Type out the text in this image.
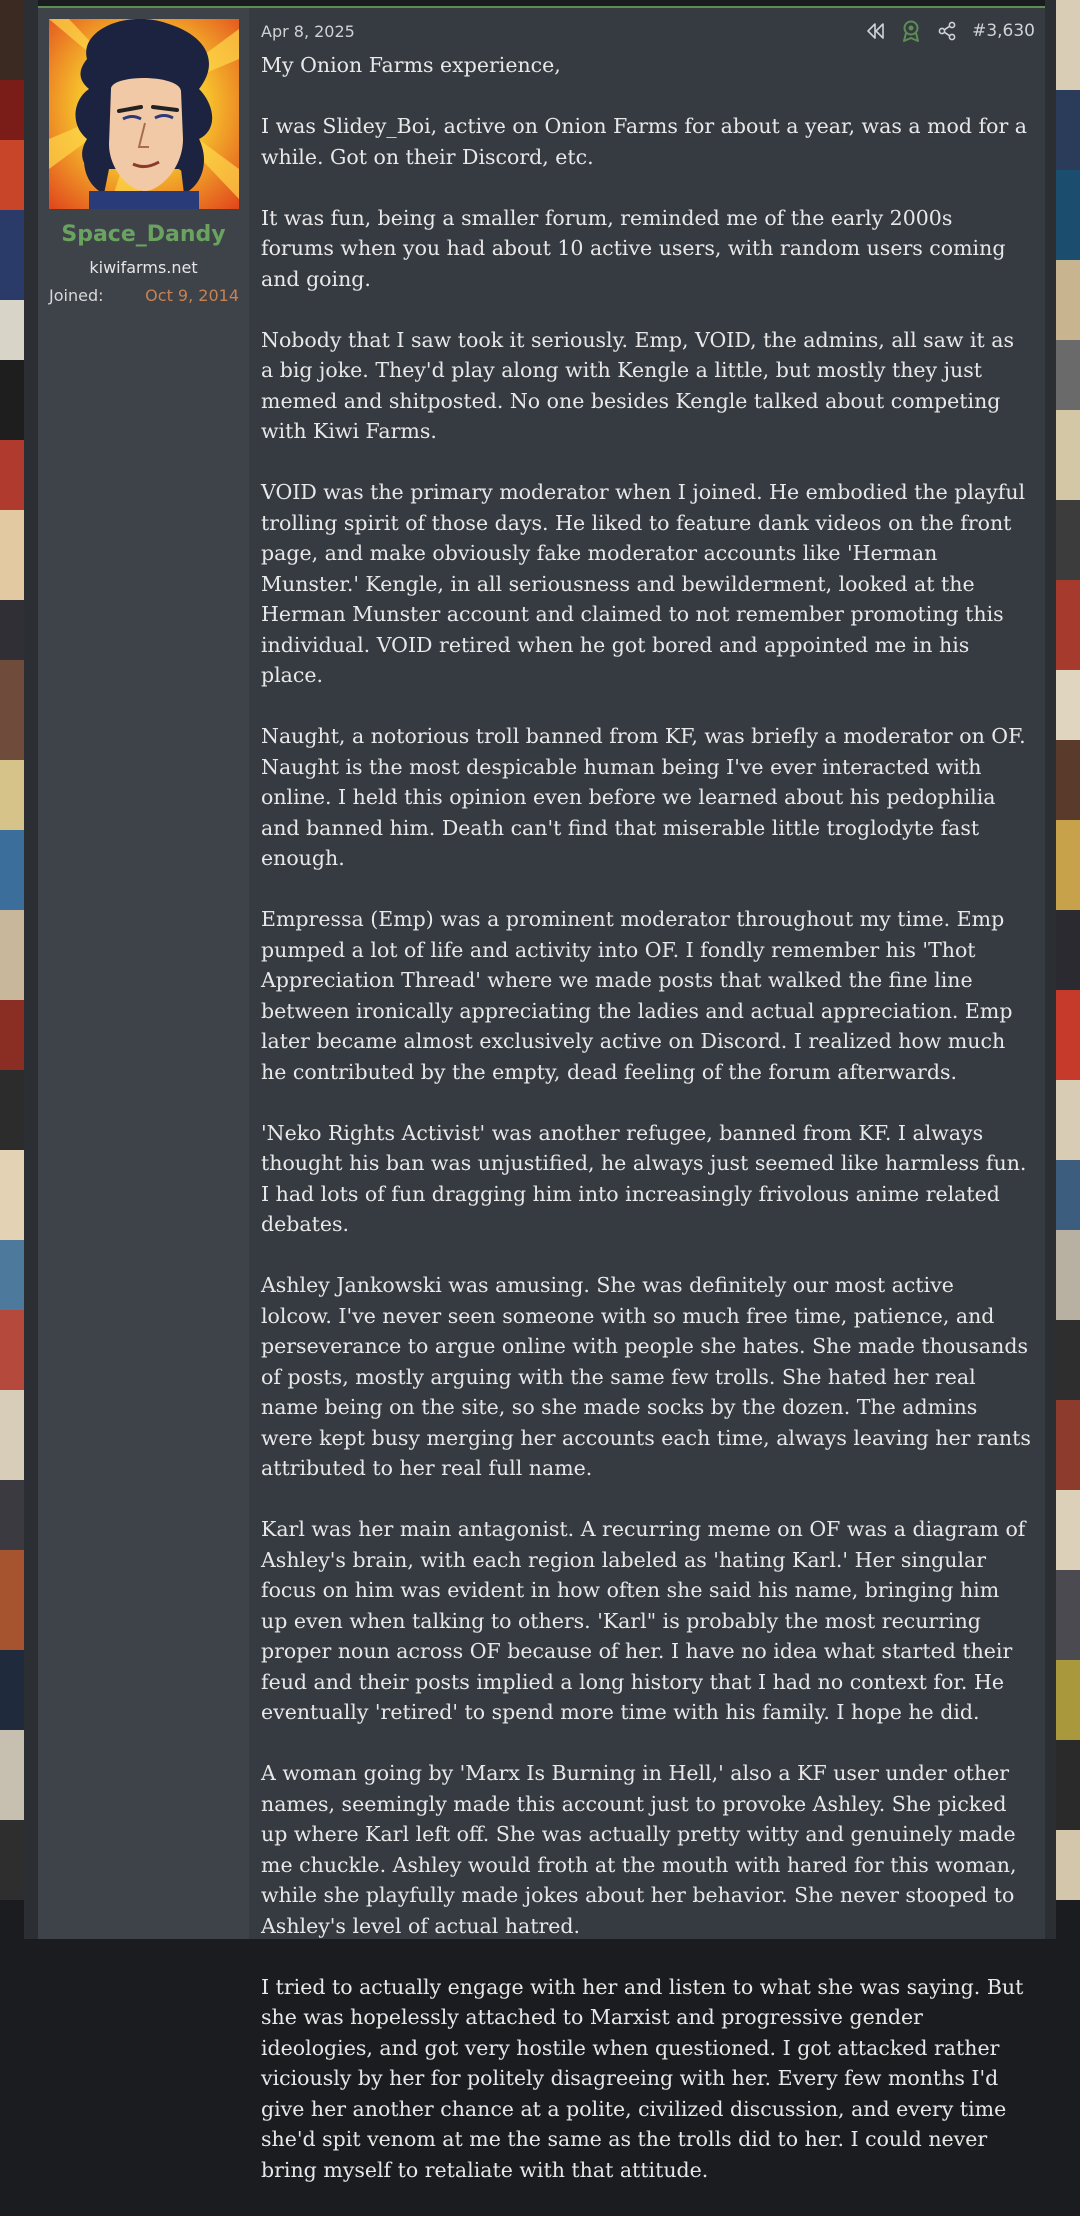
Space_Dandy
kiwifarms.net
Joined:	Oct 9, 2014
Apr 8, 2025	#3,630

My Onion Farms experience,

I was Slidey_Boi, active on Onion Farms for about a year, was a mod for a while. Got on their Discord, etc.

It was fun, being a smaller forum, reminded me of the early 2000s forums when you had about 10 active users, with random users coming and going.

Nobody that I saw took it seriously. Emp, VOID, the admins, all saw it as a big joke. They'd play along with Kengle a little, but mostly they just memed and shitposted. No one besides Kengle talked about competing with Kiwi Farms.

VOID was the primary moderator when I joined. He embodied the playful trolling spirit of those days. He liked to feature dank videos on the front page, and make obviously fake moderator accounts like 'Herman Munster.' Kengle, in all seriousness and bewilderment, looked at the Herman Munster account and claimed to not remember promoting this individual. VOID retired when he got bored and appointed me in his place.

Naught, a notorious troll banned from KF, was briefly a moderator on OF. Naught is the most despicable human being I've ever interacted with online. I held this opinion even before we learned about his pedophilia and banned him. Death can't find that miserable little troglodyte fast enough.

Empressa (Emp) was a prominent moderator throughout my time. Emp pumped a lot of life and activity into OF. I fondly remember his 'Thot Appreciation Thread' where we made posts that walked the fine line between ironically appreciating the ladies and actual appreciation. Emp later became almost exclusively active on Discord. I realized how much he contributed by the empty, dead feeling of the forum afterwards.

'Neko Rights Activist' was another refugee, banned from KF. I always thought his ban was unjustified, he always just seemed like harmless fun. I had lots of fun dragging him into increasingly frivolous anime related debates.

Ashley Jankowski was amusing. She was definitely our most active lolcow. I've never seen someone with so much free time, patience, and perseverance to argue online with people she hates. She made thousands of posts, mostly arguing with the same few trolls. She hated her real name being on the site, so she made socks by the dozen. The admins were kept busy merging her accounts each time, always leaving her rants attributed to her real full name.

Karl was her main antagonist. A recurring meme on OF was a diagram of Ashley's brain, with each region labeled as 'hating Karl.' Her singular focus on him was evident in how often she said his name, bringing him up even when talking to others. 'Karl" is probably the most recurring proper noun across OF because of her. I have no idea what started their feud and their posts implied a long history that I had no context for. He eventually 'retired' to spend more time with his family. I hope he did.

A woman going by 'Marx Is Burning in Hell,' also a KF user under other names, seemingly made this account just to provoke Ashley. She picked up where Karl left off. She was actually pretty witty and genuinely made me chuckle. Ashley would froth at the mouth with hared for this woman, while she playfully made jokes about her behavior. She never stooped to Ashley's level of actual hatred.

I tried to actually engage with her and listen to what she was saying. But she was hopelessly attached to Marxist and progressive gender ideologies, and got very hostile when questioned. I got attacked rather viciously by her for politely disagreeing with her. Every few months I'd give her another chance at a polite, civilized discussion, and every time she'd spit venom at me the same as the trolls did to her. I could never bring myself to retaliate with that attitude.
